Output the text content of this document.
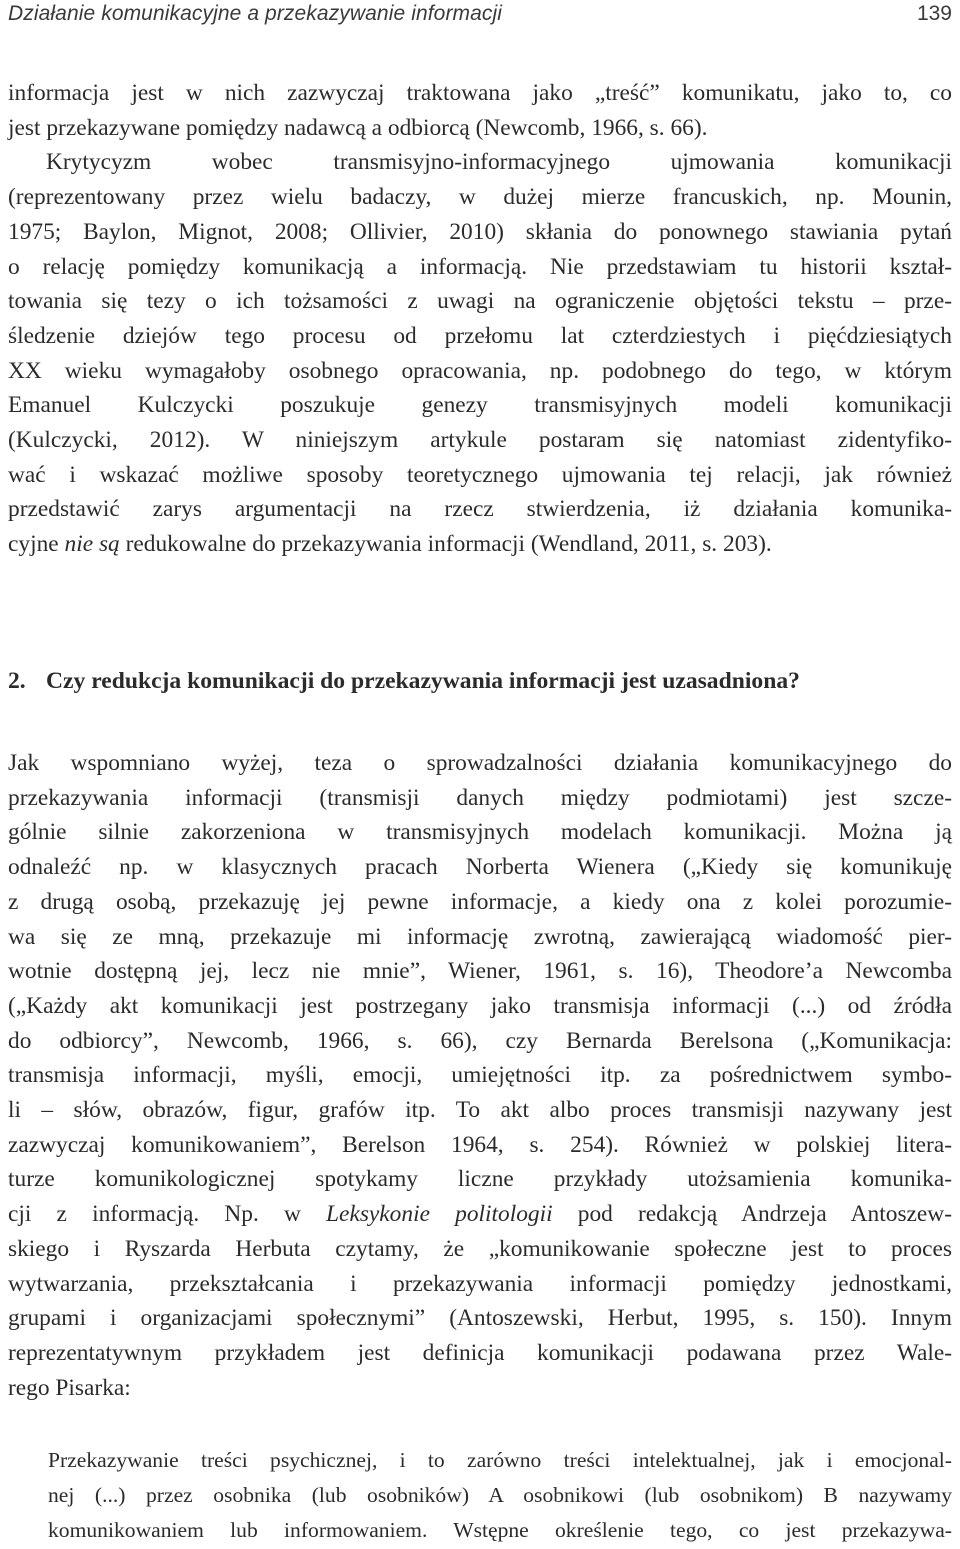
Działanie komunikacyjne a przekazywanie informacji	139
informacja jest w nich zazwyczaj traktowana jako „treść” komunikatu, jako to, co
jest przekazywane pomiędzy nadawcą a odbiorcą (Newcomb, 1966, s. 66).
Krytycyzm wobec transmisyjno-informacyjnego ujmowania komunikacji
(reprezentowany przez wielu badaczy, w dużej mierze francuskich, np. Mounin,
1975; Baylon, Mignot, 2008; Ollivier, 2010) skłania do ponownego stawiania pytań
o relację pomiędzy komunikacją a informacją. Nie przedstawiam tu historii kształ-
towania się tezy o ich tożsamości z uwagi na ograniczenie objętości tekstu – prze-
śledzenie dziejów tego procesu od przełomu lat czterdziestych i pięćdziesiątych
XX wieku wymagałoby osobnego opracowania, np. podobnego do tego, w którym
Emanuel Kulczycki poszukuje genezy transmisyjnych modeli komunikacji
(Kulczycki, 2012). W niniejszym artykule postaram się natomiast zidentyfiko-
wać i wskazać możliwe sposoby teoretycznego ujmowania tej relacji, jak również
przedstawić zarys argumentacji na rzecz stwierdzenia, iż działania komunika-
cyjne nie są redukowalne do przekazywania informacji (Wendland, 2011, s. 203).
2. Czy redukcja komunikacji do przekazywania informacji jest uzasadniona?
Jak wspomniano wyżej, teza o sprowadzalności działania komunikacyjnego do
przekazywania informacji (transmisji danych między podmiotami) jest szcze-
gólnie silnie zakorzeniona w transmisyjnych modelach komunikacji. Można ją
odnaleźć np. w klasycznych pracach Norberta Wienera („Kiedy się komunikuję
z drugą osobą, przekazuję jej pewne informacje, a kiedy ona z kolei porozumie-
wa się ze mną, przekazuje mi informację zwrotną, zawierającą wiadomość pier-
wotnie dostępną jej, lecz nie mnie”, Wiener, 1961, s. 16), Theodore’a Newcomba
(„Każdy akt komunikacji jest postrzegany jako transmisja informacji (...) od źródła
do odbiorcy”, Newcomb, 1966, s. 66), czy Bernarda Berelsona („Komunikacja:
transmisja informacji, myśli, emocji, umiejętności itp. za pośrednictwem symbo-
li – słów, obrazów, figur, grafów itp. To akt albo proces transmisji nazywany jest
zazwyczaj komunikowaniem”, Berelson 1964, s. 254). Również w polskiej litera-
turze komunikologicznej spotykamy liczne przykłady utożsamienia komunika-
cji z informacją. Np. w Leksykonie politologii pod redakcją Andrzeja Antoszew-
skiego i Ryszarda Herbuta czytamy, że „komunikowanie społeczne jest to proces
wytwarzania, przekształcania i przekazywania informacji pomiędzy jednostkami,
grupami i organizacjami społecznymi” (Antoszewski, Herbut, 1995, s. 150). Innym
reprezentatywnym przykładem jest definicja komunikacji podawana przez Wale-
rego Pisarka:
Przekazywanie treści psychicznej, i to zarówno treści intelektualnej, jak i emocjonal-
nej (...) przez osobnika (lub osobników) A osobnikowi (lub osobnikom) B nazywamy
komunikowaniem lub informowaniem. Wstępne określenie tego, co jest przekazywa-
